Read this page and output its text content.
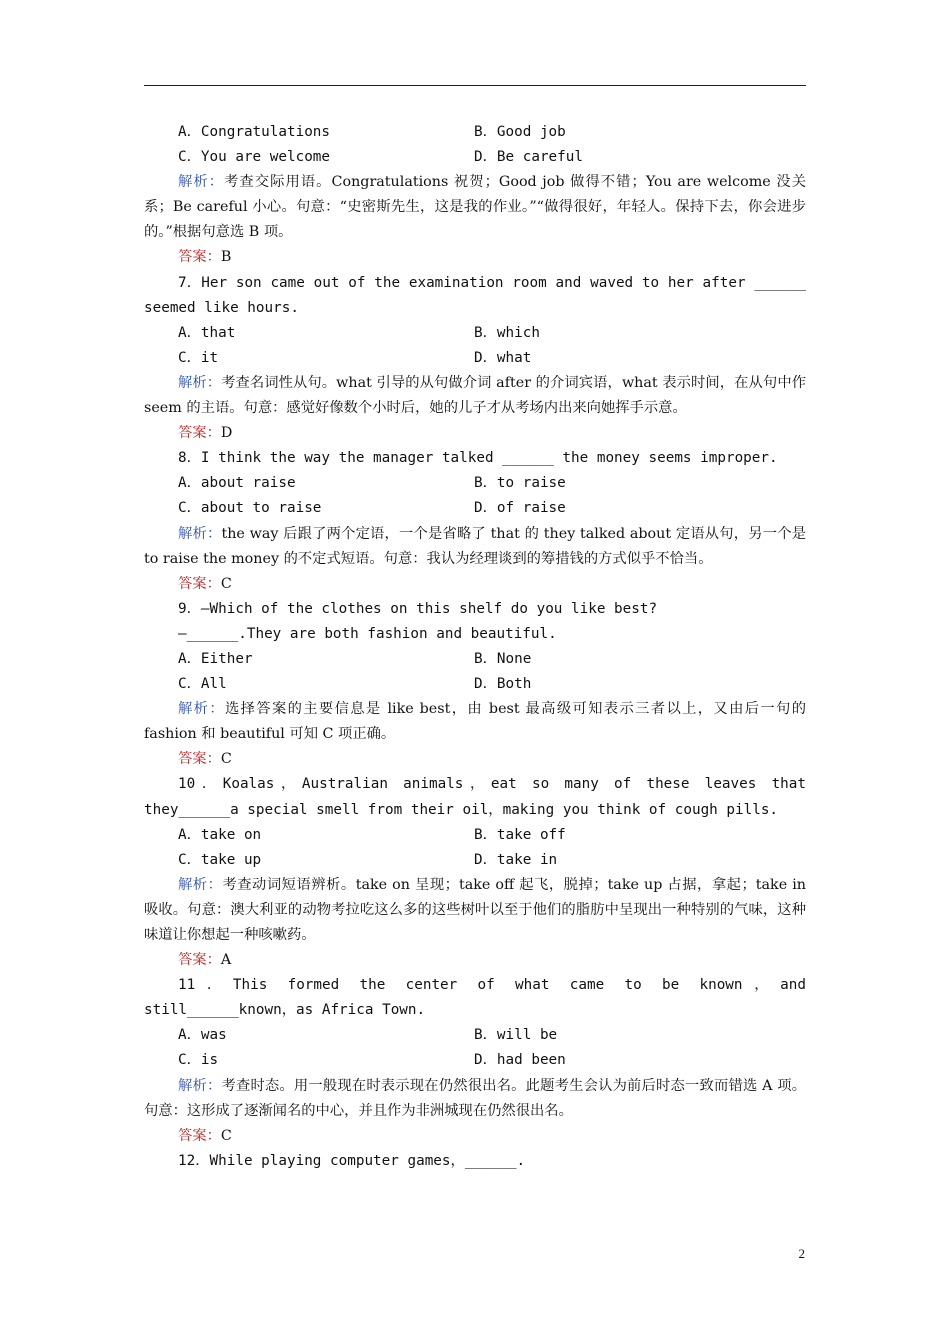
A．Congratulations	B．Good job
C．You are welcome	D．Be careful
解析：考查交际用语。Congratulations 祝贺；Good job 做得不错；You are welcome 没关系；Be careful 小心。句意：“史密斯先生，这是我的作业。”“做得很好，年轻人。保持下去，你会进步的。”根据句意选 B 项。
答案：B
7．Her son came out of the examination room and waved to her after ______ seemed like hours.
A．that	B．which
C．it	D．what
解析：考查名词性从句。what 引导的从句做介词 after 的介词宾语，what 表示时间，在从句中作 seem 的主语。句意：感觉好像数个小时后，她的儿子才从考场内出来向她挥手示意。
答案：D
8．I think the way the manager talked ______ the money seems improper.
A．about raise	B．to raise
C．about to raise	D．of raise
解析：the way 后跟了两个定语，一个是省略了 that 的 they talked about 定语从句，另一个是 to raise the money 的不定式短语。句意：我认为经理谈到的筹措钱的方式似乎不恰当。
答案：C
9．—Which of the clothes on this shelf do you like best?
—______.They are both fashion and beautiful.
A．Either	B．None
C．All	D．Both
解析：选择答案的主要信息是 like best，由 best 最高级可知表示三者以上，又由后一句的 fashion 和 beautiful 可知 C 项正确。
答案：C
10．Koalas，Australian animals，eat so many of these leaves that they______a special smell from their oil，making you think of cough pills.
A．take on	B．take off
C．take up	D．take in
解析：考查动词短语辨析。take on 呈现；take off 起飞，脱掉；take up 占据，拿起；take in 吸收。句意：澳大利亚的动物考拉吃这么多的这些树叶以至于他们的脂肪中呈现出一种特别的气味，这种味道让你想起一种咳嗽药。
答案：A
11．This formed the center of what came to be known，and still______known，as Africa Town.
A．was	B．will be
C．is	D．had been
解析：考查时态。用一般现在时表示现在仍然很出名。此题考生会认为前后时态一致而错选 A 项。句意：这形成了逐渐闻名的中心，并且作为非洲城现在仍然很出名。
答案：C
12．While playing computer games，______.
2
